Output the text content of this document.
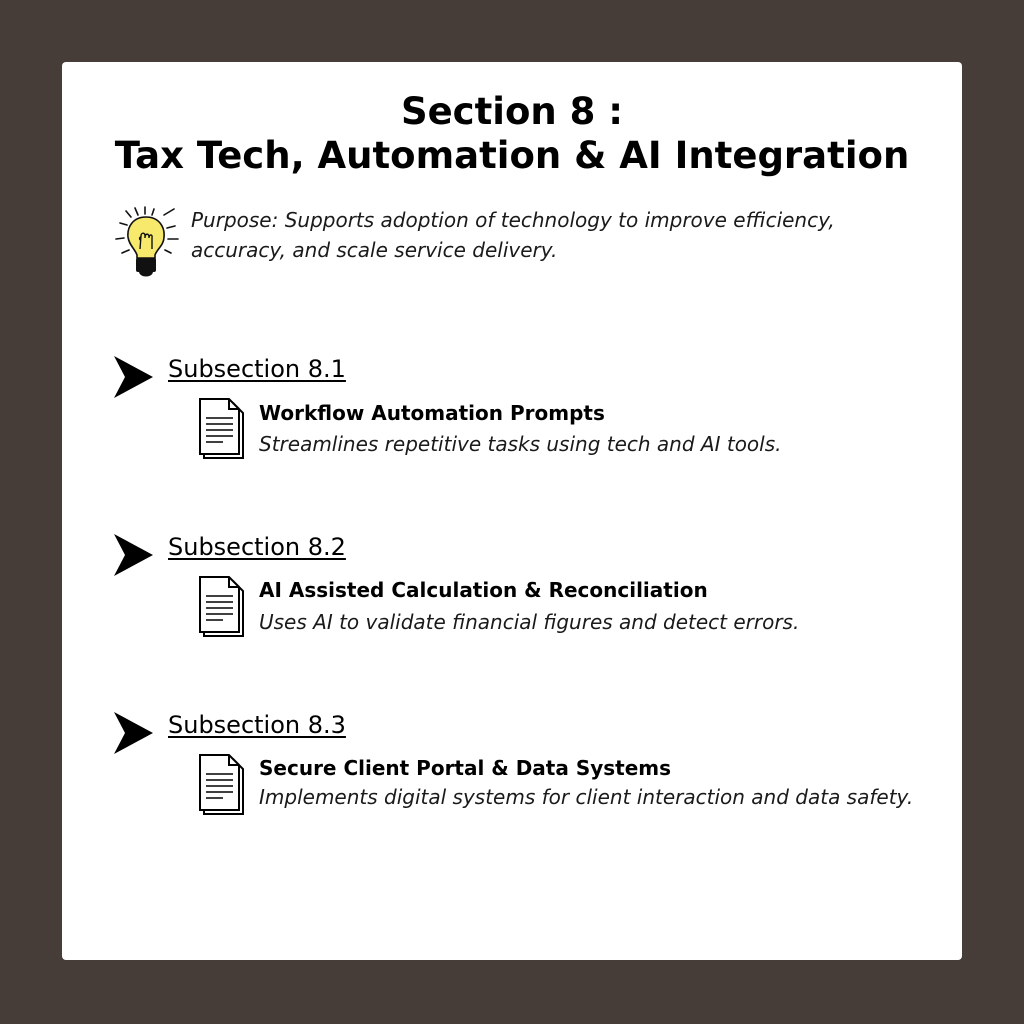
Section 8 :
Tax Tech, Automation & AI Integration
Purpose: Supports adoption of technology to improve efficiency, accuracy, and scale service delivery.
Subsection 8.1
Workflow Automation Prompts
Streamlines repetitive tasks using tech and AI tools.
Subsection 8.2
AI Assisted Calculation & Reconciliation
Uses AI to validate financial figures and detect errors.
Subsection 8.3
Secure Client Portal & Data Systems
Implements digital systems for client interaction and data safety.
